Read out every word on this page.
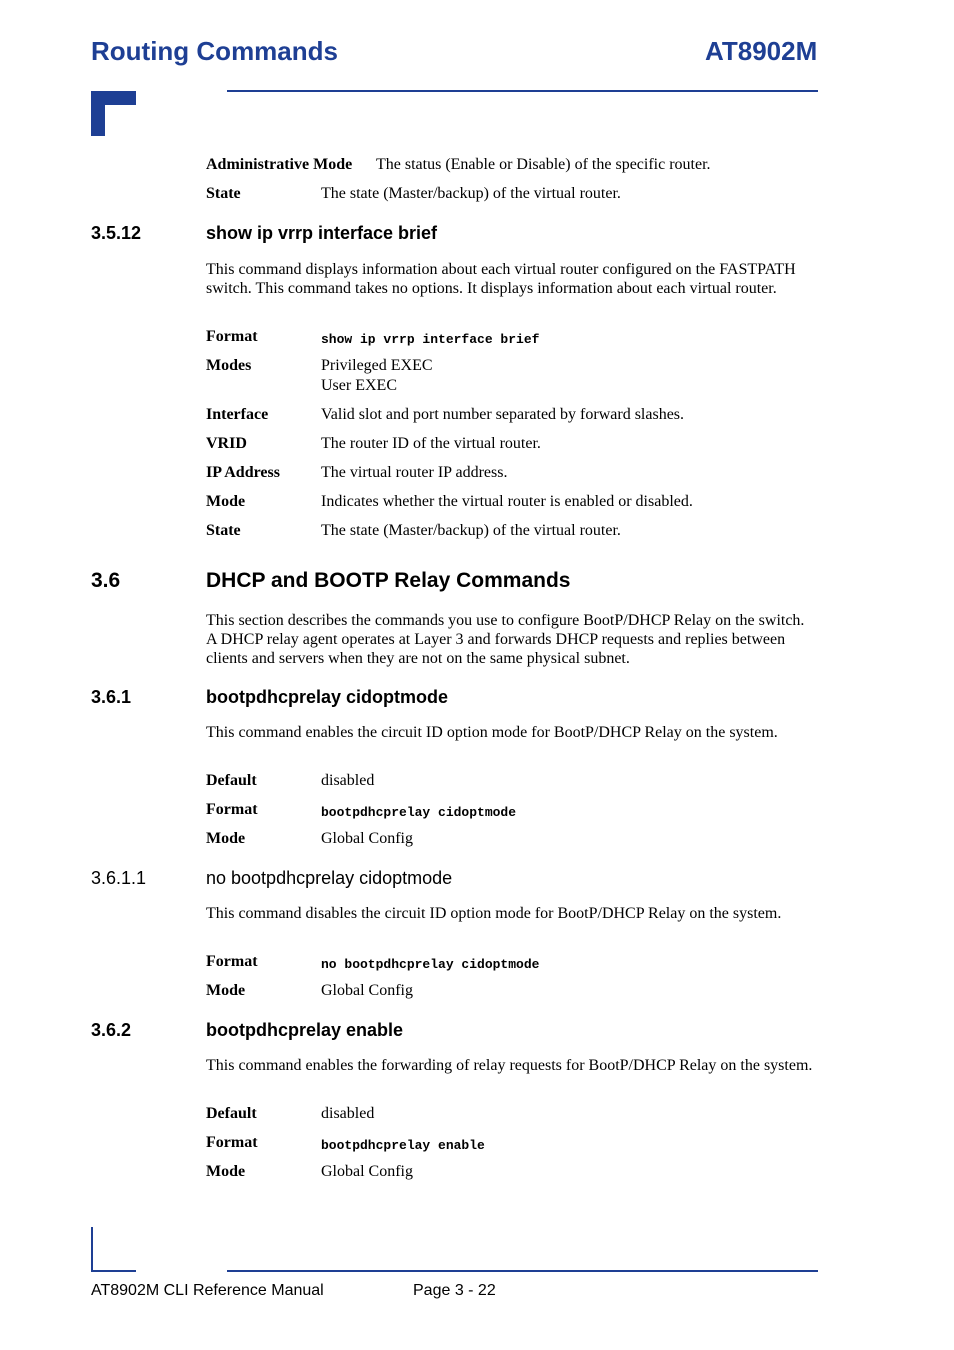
Routing Commands	AT8902M
Administrative Mode The status (Enable or Disable) of the specific router.
State	The state (Master/backup) of the virtual router.
3.5.12	show ip vrrp interface brief
This command displays information about each virtual router configured on the FASTPATH switch. This command takes no options. It displays information about each virtual router.
Format	show ip vrrp interface brief
Modes	Privileged EXEC
User EXEC
Interface	Valid slot and port number separated by forward slashes.
VRID	The router ID of the virtual router.
IP Address	The virtual router IP address.
Mode	Indicates whether the virtual router is enabled or disabled.
State	The state (Master/backup) of the virtual router.
3.6	DHCP and BOOTP Relay Commands
This section describes the commands you use to configure BootP/DHCP Relay on the switch. A DHCP relay agent operates at Layer 3 and forwards DHCP requests and replies between clients and servers when they are not on the same physical subnet.
3.6.1	bootpdhcprelay cidoptmode
This command enables the circuit ID option mode for BootP/DHCP Relay on the system.
Default	disabled
Format	bootpdhcprelay cidoptmode
Mode	Global Config
3.6.1.1	no bootpdhcprelay cidoptmode
This command disables the circuit ID option mode for BootP/DHCP Relay on the system.
Format	no bootpdhcprelay cidoptmode
Mode	Global Config
3.6.2	bootpdhcprelay enable
This command enables the forwarding of relay requests for BootP/DHCP Relay on the system.
Default	disabled
Format	bootpdhcprelay enable
Mode	Global Config
AT8902M CLI Reference Manual	Page 3 - 22
